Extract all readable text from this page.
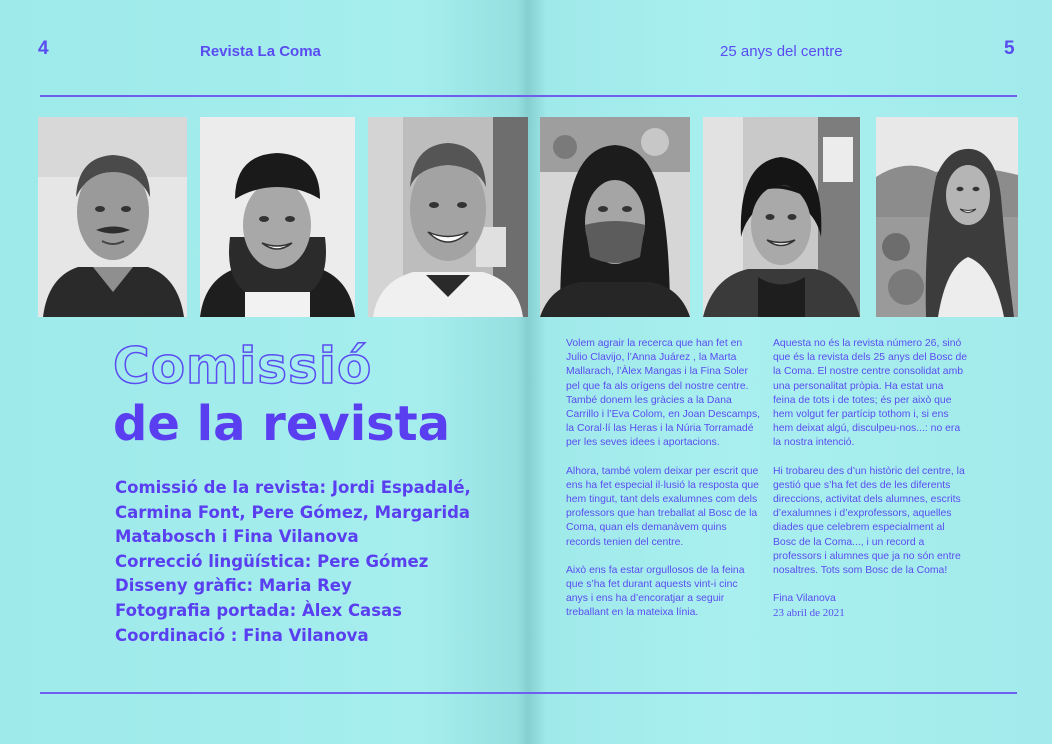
4	Revista La Coma	25 anys del centre	5
Comissió
de la revista
Comissió de la revista: Jordi Espadalé,
Carmina Font, Pere Gómez, Margarida
Matabosch i Fina Vilanova
Correcció lingüística: Pere Gómez
Disseny gràfic: Maria Rey
Fotografia portada: Àlex Casas
Coordinació : Fina Vilanova

Volem agrair la recerca que han fet en Julio Clavijo, l’Anna Juárez , la Marta Mallarach, l’Àlex Mangas i la Fina Soler pel que fa als orígens del nostre centre. També donem les gràcies a la Dana Carrillo i l’Eva Colom, en Joan Descamps, la Coral·lí las Heras i la Núria Torramadé per les seves idees i aportacions.

Alhora, també volem deixar per escrit que ens ha fet especial il·lusió la resposta que hem tingut, tant dels exalumnes com dels professors que han treballat al Bosc de la Coma, quan els demanàvem quins records tenien del centre.

Això ens fa estar orgullosos de la feina que s’ha fet durant aquests vint-i cinc anys i ens ha d’encoratjar a seguir treballant en la mateixa línia.

Aquesta no és la revista número 26, sinó que és la revista dels 25 anys del Bosc de la Coma. El nostre centre consolidat amb una personalitat pròpia. Ha estat una feina de tots i de totes; és per això que hem volgut fer partícip tothom i, si ens hem deixat algú, disculpeu-nos...: no era la nostra intenció.

Hi trobareu des d’un històric del centre, la gestió que s’ha fet des de les diferents direccions, activitat dels alumnes, escrits d’exalumnes i d’exprofessors, aquelles diades que celebrem especialment al Bosc de la Coma..., i un record a professors i alumnes que ja no són entre nosaltres. Tots som Bosc de la Coma!

Fina Vilanova
23 abril de 2021
